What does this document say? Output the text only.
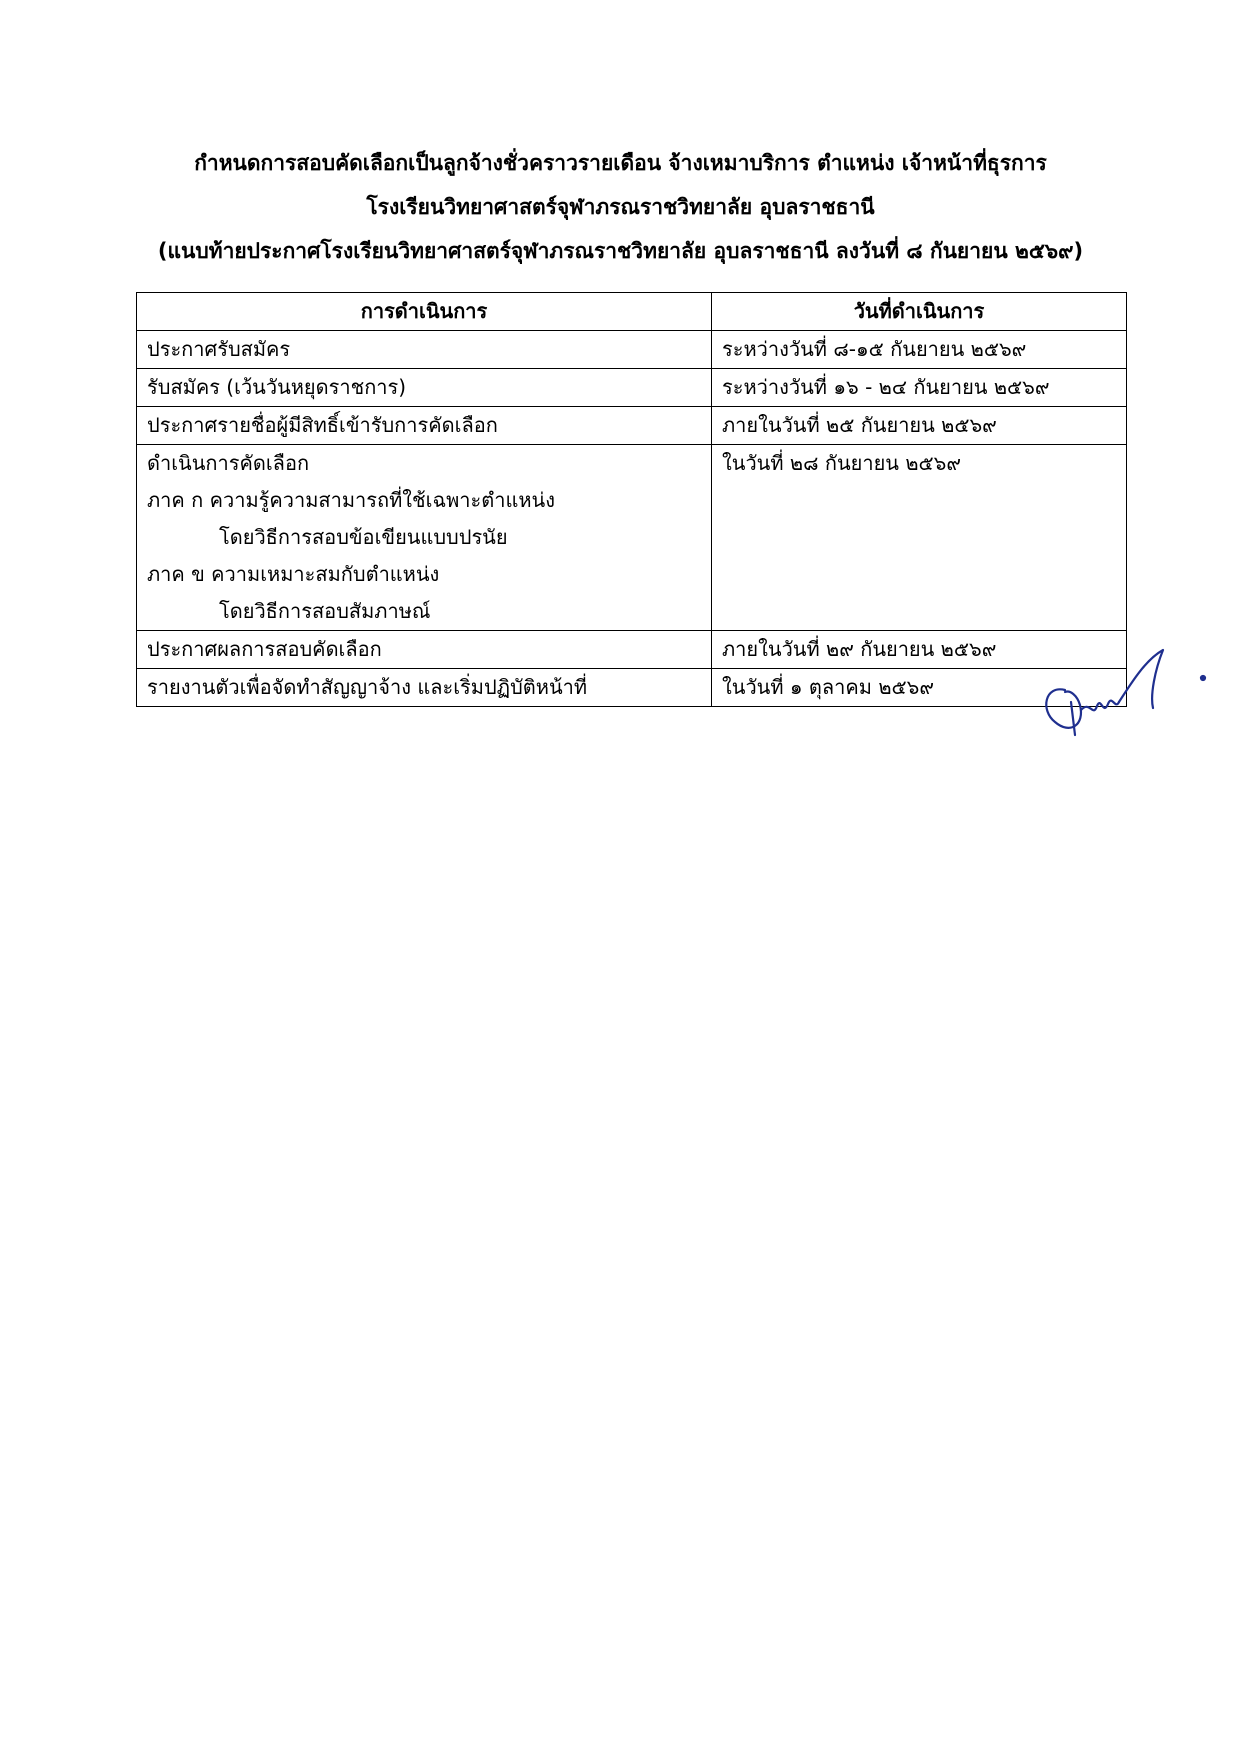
กำหนดการสอบคัดเลือกเป็นลูกจ้างชั่วคราวรายเดือน จ้างเหมาบริการ ตำแหน่ง เจ้าหน้าที่ธุรการ
โรงเรียนวิทยาศาสตร์จุฬาภรณราชวิทยาลัย อุบลราชธานี
(แนบท้ายประกาศโรงเรียนวิทยาศาสตร์จุฬาภรณราชวิทยาลัย อุบลราชธานี ลงวันที่ ๘ กันยายน ๒๕๖๙)
การดำเนินการ	วันที่ดำเนินการ
ประกาศรับสมัคร	ระหว่างวันที่ ๘-๑๕ กันยายน ๒๕๖๙
รับสมัคร (เว้นวันหยุดราชการ)	ระหว่างวันที่ ๑๖ - ๒๔ กันยายน ๒๕๖๙
ประกาศรายชื่อผู้มีสิทธิ์เข้ารับการคัดเลือก	ภายในวันที่ ๒๕ กันยายน ๒๕๖๙

ดำเนินการคัดเลือก
ภาค ก ความรู้ความสามารถที่ใช้เฉพาะตำแหน่ง
โดยวิธีการสอบข้อเขียนแบบปรนัย
ภาค ข ความเหมาะสมกับตำแหน่ง
โดยวิธีการสอบสัมภาษณ์	ในวันที่ ๒๘ กันยายน ๒๕๖๙
ประกาศผลการสอบคัดเลือก	ภายในวันที่ ๒๙ กันยายน ๒๕๖๙
รายงานตัวเพื่อจัดทำสัญญาจ้าง และเริ่มปฏิบัติหน้าที่	ในวันที่ ๑ ตุลาคม ๒๕๖๙
